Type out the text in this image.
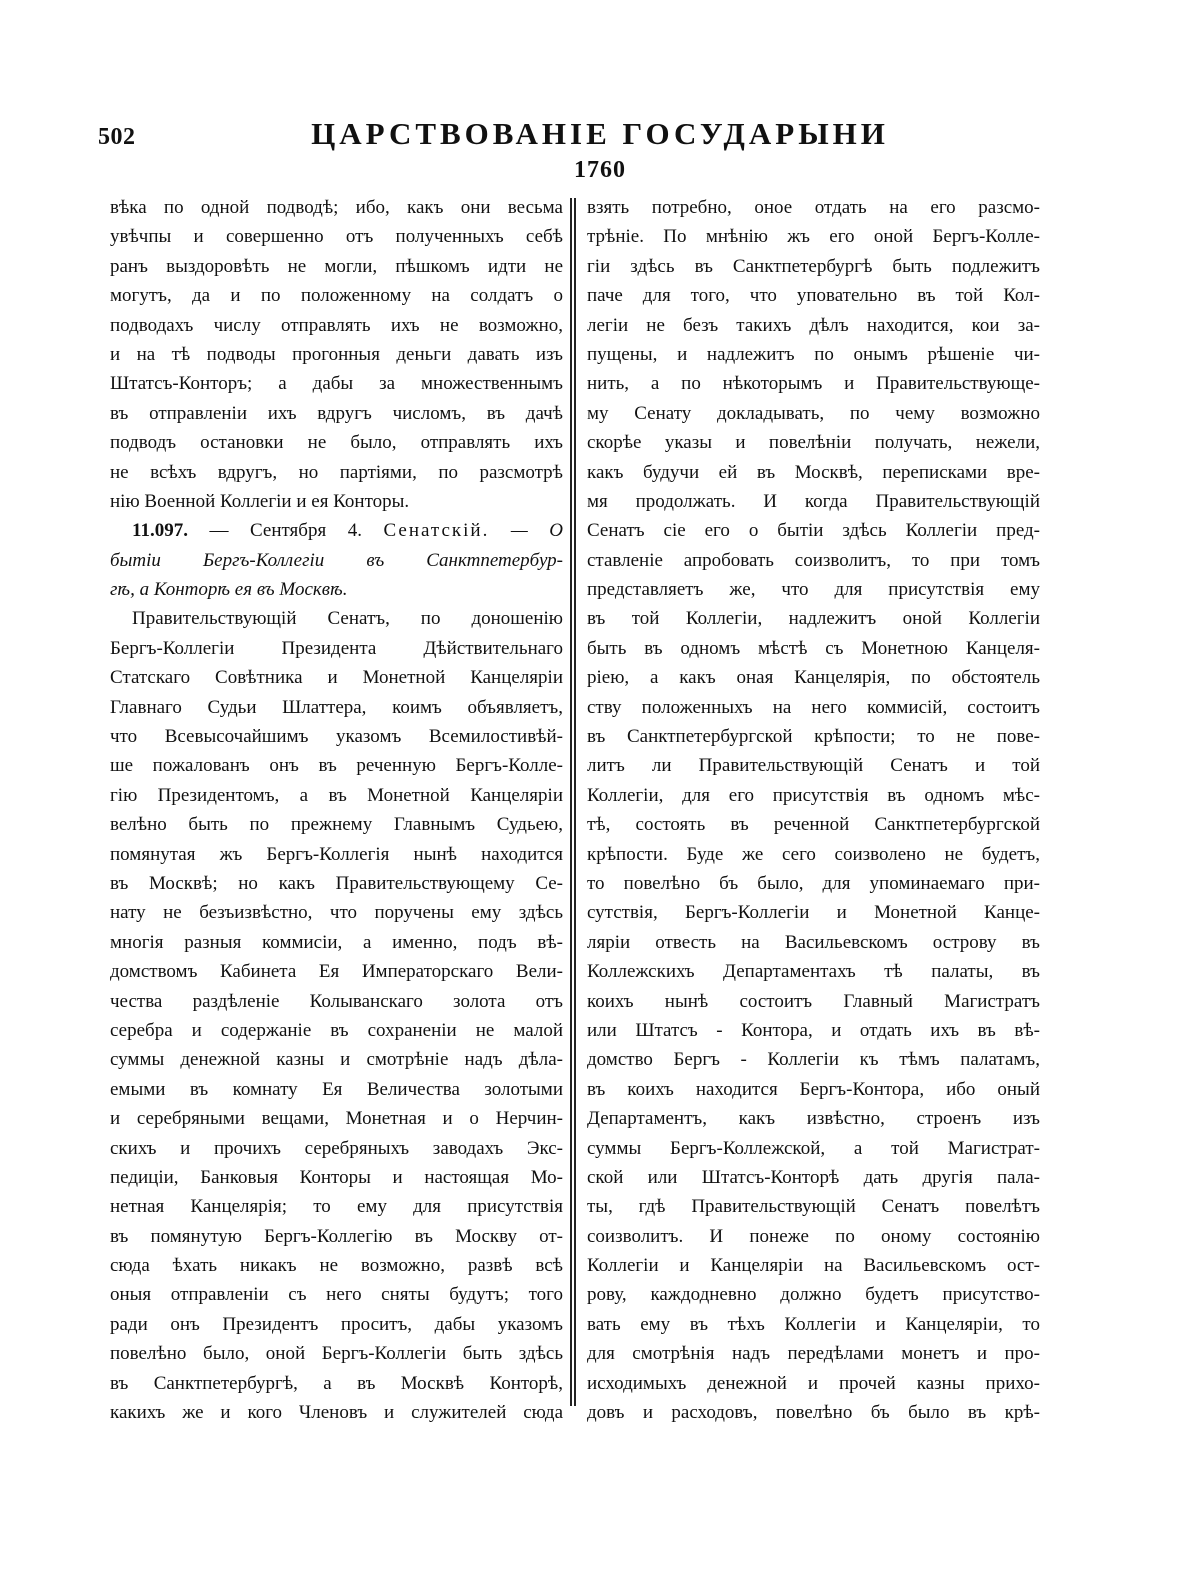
502	ЦАРСТВОВАНІЕ ГОСУДАРЫНИ
1760
вѣка по одной подводѣ; ибо, какъ они весьма
увѣчпы и совершенно отъ полученныхъ себѣ
ранъ выздоровѣть не могли, пѣшкомъ идти не
могутъ, да и по положенному на солдатъ о
подводахъ числу отправлять ихъ не возможно,
и на тѣ подводы прогонныя деньги давать изъ
Штатсъ-Конторъ; а дабы за множественнымъ
въ отправленіи ихъ вдругъ числомъ, въ дачѣ
подводъ остановки не было, отправлять ихъ
не всѣхъ вдругъ, но партіями, по разсмотрѣ
нію Военной Коллегіи и ея Конторы.
11.097. — Сентября 4. Сенатскій. — О
бытіи Бергъ-Коллегіи въ Санктпетербур-
гѣ, а Конторѣ ея въ Москвѣ.
Правительствующій Сенатъ, по доношенію
Бергъ-Коллегіи Президента Дѣйствительнаго
Статскаго Совѣтника и Монетной Канцеляріи
Главнаго Судьи Шлаттера, коимъ объявляетъ,
что Всевысочайшимъ указомъ Всемилостивѣй-
ше пожалованъ онъ въ реченную Бергъ-Колле-
гію Президентомъ, а въ Монетной Канцеляріи
велѣно быть по прежнему Главнымъ Судьею,
помянутая жъ Бергъ-Коллегія нынѣ находится
въ Москвѣ; но какъ Правительствующему Се-
нату не безъизвѣстно, что поручены ему здѣсь
многія разныя коммисіи, а именно, подъ вѣ-
домствомъ Кабинета Ея Императорскаго Вели-
чества раздѣленіе Колыванскаго золота отъ
серебра и содержаніе въ сохраненіи не малой
суммы денежной казны и смотрѣніе надъ дѣла-
емыми въ комнату Ея Величества золотыми
и серебряными вещами, Монетная и о Нерчин-
скихъ и прочихъ серебряныхъ заводахъ Экс-
педиціи, Банковыя Конторы и настоящая Мо-
нетная Канцелярія; то ему для присутствія
въ помянутую Бергъ-Коллегію въ Москву от-
сюда ѣхать никакъ не возможно, развѣ всѣ
оныя отправленіи съ него сняты будутъ; того
ради онъ Президентъ проситъ, дабы указомъ
повелѣно было, оной Бергъ-Коллегіи быть здѣсь
въ Санктпетербургѣ, а въ Москвѣ Конторѣ,
какихъ же и кого Членовъ и служителей сюда
взять потребно, оное отдать на его разсмо-
трѣніе. По мнѣнію жъ его оной Бергъ-Колле-
гіи здѣсь въ Санктпетербургѣ быть подлежитъ
паче для того, что уповательно въ той Кол-
легіи не безъ такихъ дѣлъ находится, кои за-
пущены, и надлежитъ по онымъ рѣшеніе чи-
нить, а по нѣкоторымъ и Правительствующе-
му Сенату докладывать, по чему возможно
скорѣе указы и повелѣніи получать, нежели,
какъ будучи ей въ Москвѣ, переписками вре-
мя продолжать. И когда Правительствующій
Сенатъ сіе его о бытіи здѣсь Коллегіи пред-
ставленіе апробовать соизволитъ, то при томъ
представляетъ же, что для присутствія ему
въ той Коллегіи, надлежитъ оной Коллегіи
быть въ одномъ мѣстѣ съ Монетною Канцеля-
ріею, а какъ оная Канцелярія, по обстоятель
ству положенныхъ на него коммисій, состоитъ
въ Санктпетербургской крѣпости; то не пове-
литъ ли Правительствующій Сенатъ и той
Коллегіи, для его присутствія въ одномъ мѣс-
тѣ, состоять въ реченной Санктпетербургской
крѣпости. Буде же сего соизволено не будетъ,
то повелѣно бъ было, для упоминаемаго при-
сутствія, Бергъ-Коллегіи и Монетной Канце-
ляріи отвесть на Васильевскомъ острову въ
Коллежскихъ Департаментахъ тѣ палаты, въ
коихъ нынѣ состоитъ Главный Магистратъ
или Штатсъ - Контора, и отдать ихъ въ вѣ-
домство Бергъ - Коллегіи къ тѣмъ палатамъ,
въ коихъ находится Бергъ-Контора, ибо оный
Департаментъ, какъ извѣстно, строенъ изъ
суммы Бергъ-Коллежской, а той Магистрат-
ской или Штатсъ-Конторѣ дать другія пала-
ты, гдѣ Правительствующій Сенатъ повелѣтъ
соизволитъ. И понеже по оному состоянію
Коллегіи и Канцеляріи на Васильевскомъ ост-
рову, каждодневно должно будетъ присутство-
вать ему въ тѣхъ Коллегіи и Канцеляріи, то
для смотрѣнія надъ передѣлами монетъ и про-
исходимыхъ денежной и прочей казны прихо-
довъ и расходовъ, повелѣно бъ было въ крѣ-
